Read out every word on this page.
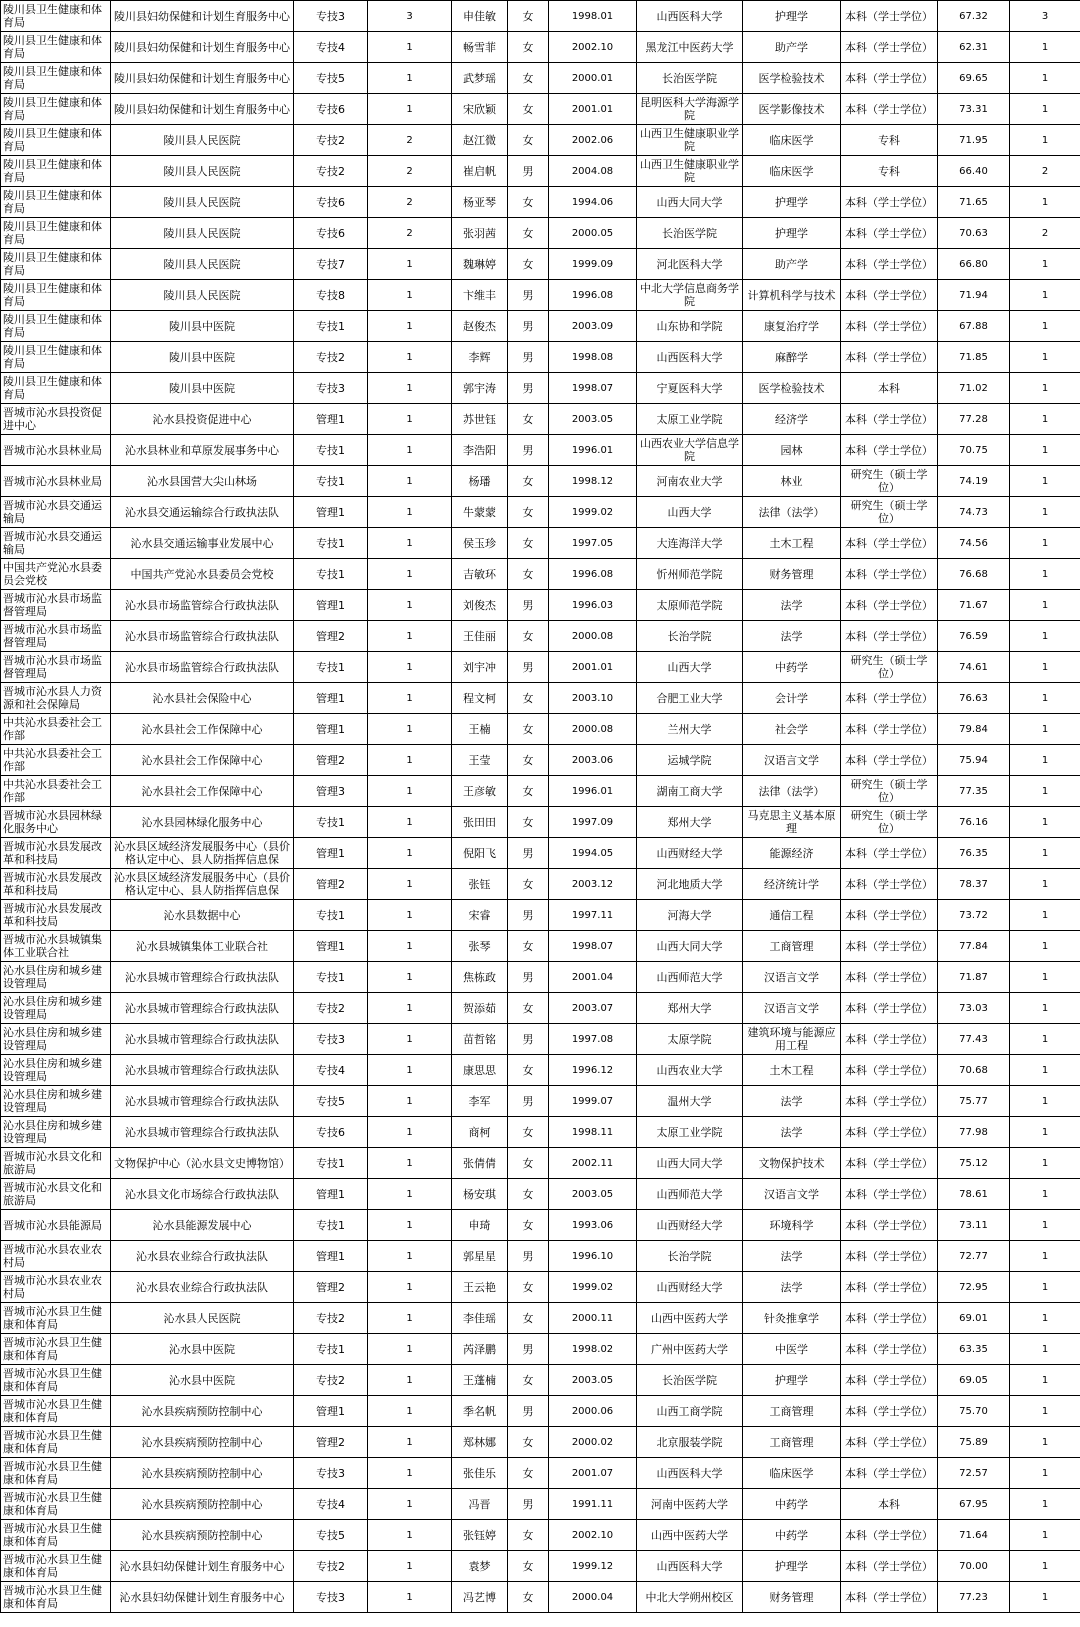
陵川县卫生健康和体育局	陵川县妇幼保健和计划生育服务中心	专技3	3	申佳敏	女	1998.01	山西医科大学	护理学	本科（学士学位）	67.32	3
陵川县卫生健康和体育局	陵川县妇幼保健和计划生育服务中心	专技4	1	畅雪菲	女	2002.10	黑龙江中医药大学	助产学	本科（学士学位）	62.31	1
陵川县卫生健康和体育局	陵川县妇幼保健和计划生育服务中心	专技5	1	武梦瑶	女	2000.01	长治医学院	医学检验技术	本科（学士学位）	69.65	1
陵川县卫生健康和体育局	陵川县妇幼保健和计划生育服务中心	专技6	1	宋欣颖	女	2001.01	昆明医科大学海源学院	医学影像技术	本科（学士学位）	73.31	1
陵川县卫生健康和体育局	陵川县人民医院	专技2	2	赵江微	女	2002.06	山西卫生健康职业学院	临床医学	专科	71.95	1
陵川县卫生健康和体育局	陵川县人民医院	专技2	2	崔启帆	男	2004.08	山西卫生健康职业学院	临床医学	专科	66.40	2
陵川县卫生健康和体育局	陵川县人民医院	专技6	2	杨亚琴	女	1994.06	山西大同大学	护理学	本科（学士学位）	71.65	1
陵川县卫生健康和体育局	陵川县人民医院	专技6	2	张羽茜	女	2000.05	长治医学院	护理学	本科（学士学位）	70.63	2
陵川县卫生健康和体育局	陵川县人民医院	专技7	1	魏琳婷	女	1999.09	河北医科大学	助产学	本科（学士学位）	66.80	1
陵川县卫生健康和体育局	陵川县人民医院	专技8	1	卞维丰	男	1996.08	中北大学信息商务学院	计算机科学与技术	本科（学士学位）	71.94	1
陵川县卫生健康和体育局	陵川县中医院	专技1	1	赵俊杰	男	2003.09	山东协和学院	康复治疗学	本科（学士学位）	67.88	1
陵川县卫生健康和体育局	陵川县中医院	专技2	1	李辉	男	1998.08	山西医科大学	麻醉学	本科（学士学位）	71.85	1
陵川县卫生健康和体育局	陵川县中医院	专技3	1	郭宇涛	男	1998.07	宁夏医科大学	医学检验技术	本科	71.02	1
晋城市沁水县投资促进中心	沁水县投资促进中心	管理1	1	苏世钰	女	2003.05	太原工业学院	经济学	本科（学士学位）	77.28	1
晋城市沁水县林业局	沁水县林业和草原发展事务中心	专技1	1	李浩阳	男	1996.01	山西农业大学信息学院	园林	本科（学士学位）	70.75	1
晋城市沁水县林业局	沁水县国营大尖山林场	专技1	1	杨璠	女	1998.12	河南农业大学	林业	研究生（硕士学位）	74.19	1
晋城市沁水县交通运输局	沁水县交通运输综合行政执法队	管理1	1	牛蒙蒙	女	1999.02	山西大学	法律（法学）	研究生（硕士学位）	74.73	1
晋城市沁水县交通运输局	沁水县交通运输事业发展中心	专技1	1	侯玉珍	女	1997.05	大连海洋大学	土木工程	本科（学士学位）	74.56	1
中国共产党沁水县委员会党校	中国共产党沁水县委员会党校	专技1	1	吉敏环	女	1996.08	忻州师范学院	财务管理	本科（学士学位）	76.68	1
晋城市沁水县市场监督管理局	沁水县市场监管综合行政执法队	管理1	1	刘俊杰	男	1996.03	太原师范学院	法学	本科（学士学位）	71.67	1
晋城市沁水县市场监督管理局	沁水县市场监管综合行政执法队	管理2	1	王佳丽	女	2000.08	长治学院	法学	本科（学士学位）	76.59	1
晋城市沁水县市场监督管理局	沁水县市场监管综合行政执法队	专技1	1	刘宇冲	男	2001.01	山西大学	中药学	研究生（硕士学位）	74.61	1
晋城市沁水县人力资源和社会保障局	沁水县社会保险中心	管理1	1	程文柯	女	2003.10	合肥工业大学	会计学	本科（学士学位）	76.63	1
中共沁水县委社会工作部	沁水县社会工作保障中心	管理1	1	王楠	女	2000.08	兰州大学	社会学	本科（学士学位）	79.84	1
中共沁水县委社会工作部	沁水县社会工作保障中心	管理2	1	王莹	女	2003.06	运城学院	汉语言文学	本科（学士学位）	75.94	1
中共沁水县委社会工作部	沁水县社会工作保障中心	管理3	1	王彦敏	女	1996.01	湖南工商大学	法律（法学）	研究生（硕士学位）	77.35	1
晋城市沁水县园林绿化服务中心	沁水县园林绿化服务中心	专技1	1	张田田	女	1997.09	郑州大学	马克思主义基本原理	研究生（硕士学位）	76.16	1
晋城市沁水县发展改革和科技局	沁水县区域经济发展服务中心（县价格认定中心、县人防指挥信息保	管理1	1	倪阳飞	男	1994.05	山西财经大学	能源经济	本科（学士学位）	76.35	1
晋城市沁水县发展改革和科技局	沁水县区域经济发展服务中心（县价格认定中心、县人防指挥信息保	管理2	1	张钰	女	2003.12	河北地质大学	经济统计学	本科（学士学位）	78.37	1
晋城市沁水县发展改革和科技局	沁水县数据中心	专技1	1	宋睿	男	1997.11	河海大学	通信工程	本科（学士学位）	73.72	1
晋城市沁水县城镇集体工业联合社	沁水县城镇集体工业联合社	管理1	1	张琴	女	1998.07	山西大同大学	工商管理	本科（学士学位）	77.84	1
沁水县住房和城乡建设管理局	沁水县城市管理综合行政执法队	专技1	1	焦栋政	男	2001.04	山西师范大学	汉语言文学	本科（学士学位）	71.87	1
沁水县住房和城乡建设管理局	沁水县城市管理综合行政执法队	专技2	1	贺添茹	女	2003.07	郑州大学	汉语言文学	本科（学士学位）	73.03	1
沁水县住房和城乡建设管理局	沁水县城市管理综合行政执法队	专技3	1	苗哲铭	男	1997.08	太原学院	建筑环境与能源应用工程	本科（学士学位）	77.43	1
沁水县住房和城乡建设管理局	沁水县城市管理综合行政执法队	专技4	1	康思思	女	1996.12	山西农业大学	土木工程	本科（学士学位）	70.68	1
沁水县住房和城乡建设管理局	沁水县城市管理综合行政执法队	专技5	1	李军	男	1999.07	温州大学	法学	本科（学士学位）	75.77	1
沁水县住房和城乡建设管理局	沁水县城市管理综合行政执法队	专技6	1	商柯	女	1998.11	太原工业学院	法学	本科（学士学位）	77.98	1
晋城市沁水县文化和旅游局	文物保护中心（沁水县文史博物馆）	专技1	1	张倩倩	女	2002.11	山西大同大学	文物保护技术	本科（学士学位）	75.12	1
晋城市沁水县文化和旅游局	沁水县文化市场综合行政执法队	管理1	1	杨安琪	女	2003.05	山西师范大学	汉语言文学	本科（学士学位）	78.61	1
晋城市沁水县能源局	沁水县能源发展中心	专技1	1	申琦	女	1993.06	山西财经大学	环境科学	本科（学士学位）	73.11	1
晋城市沁水县农业农村局	沁水县农业综合行政执法队	管理1	1	郭星星	男	1996.10	长治学院	法学	本科（学士学位）	72.77	1
晋城市沁水县农业农村局	沁水县农业综合行政执法队	管理2	1	王云艳	女	1999.02	山西财经大学	法学	本科（学士学位）	72.95	1
晋城市沁水县卫生健康和体育局	沁水县人民医院	专技2	1	李佳瑶	女	2000.11	山西中医药大学	针灸推拿学	本科（学士学位）	69.01	1
晋城市沁水县卫生健康和体育局	沁水县中医院	专技1	1	芮泽鹏	男	1998.02	广州中医药大学	中医学	本科（学士学位）	63.35	1
晋城市沁水县卫生健康和体育局	沁水县中医院	专技2	1	王蓬楠	女	2003.05	长治医学院	护理学	本科（学士学位）	69.05	1
晋城市沁水县卫生健康和体育局	沁水县疾病预防控制中心	管理1	1	季名帆	男	2000.06	山西工商学院	工商管理	本科（学士学位）	75.70	1
晋城市沁水县卫生健康和体育局	沁水县疾病预防控制中心	管理2	1	郑林娜	女	2000.02	北京服装学院	工商管理	本科（学士学位）	75.89	1
晋城市沁水县卫生健康和体育局	沁水县疾病预防控制中心	专技3	1	张佳乐	女	2001.07	山西医科大学	临床医学	本科（学士学位）	72.57	1
晋城市沁水县卫生健康和体育局	沁水县疾病预防控制中心	专技4	1	冯晋	男	1991.11	河南中医药大学	中药学	本科	67.95	1
晋城市沁水县卫生健康和体育局	沁水县疾病预防控制中心	专技5	1	张钰婷	女	2002.10	山西中医药大学	中药学	本科（学士学位）	71.64	1
晋城市沁水县卫生健康和体育局	沁水县妇幼保健计划生育服务中心	专技2	1	袁梦	女	1999.12	山西医科大学	护理学	本科（学士学位）	70.00	1
晋城市沁水县卫生健康和体育局	沁水县妇幼保健计划生育服务中心	专技3	1	冯艺博	女	2000.04	中北大学朔州校区	财务管理	本科（学士学位）	77.23	1
